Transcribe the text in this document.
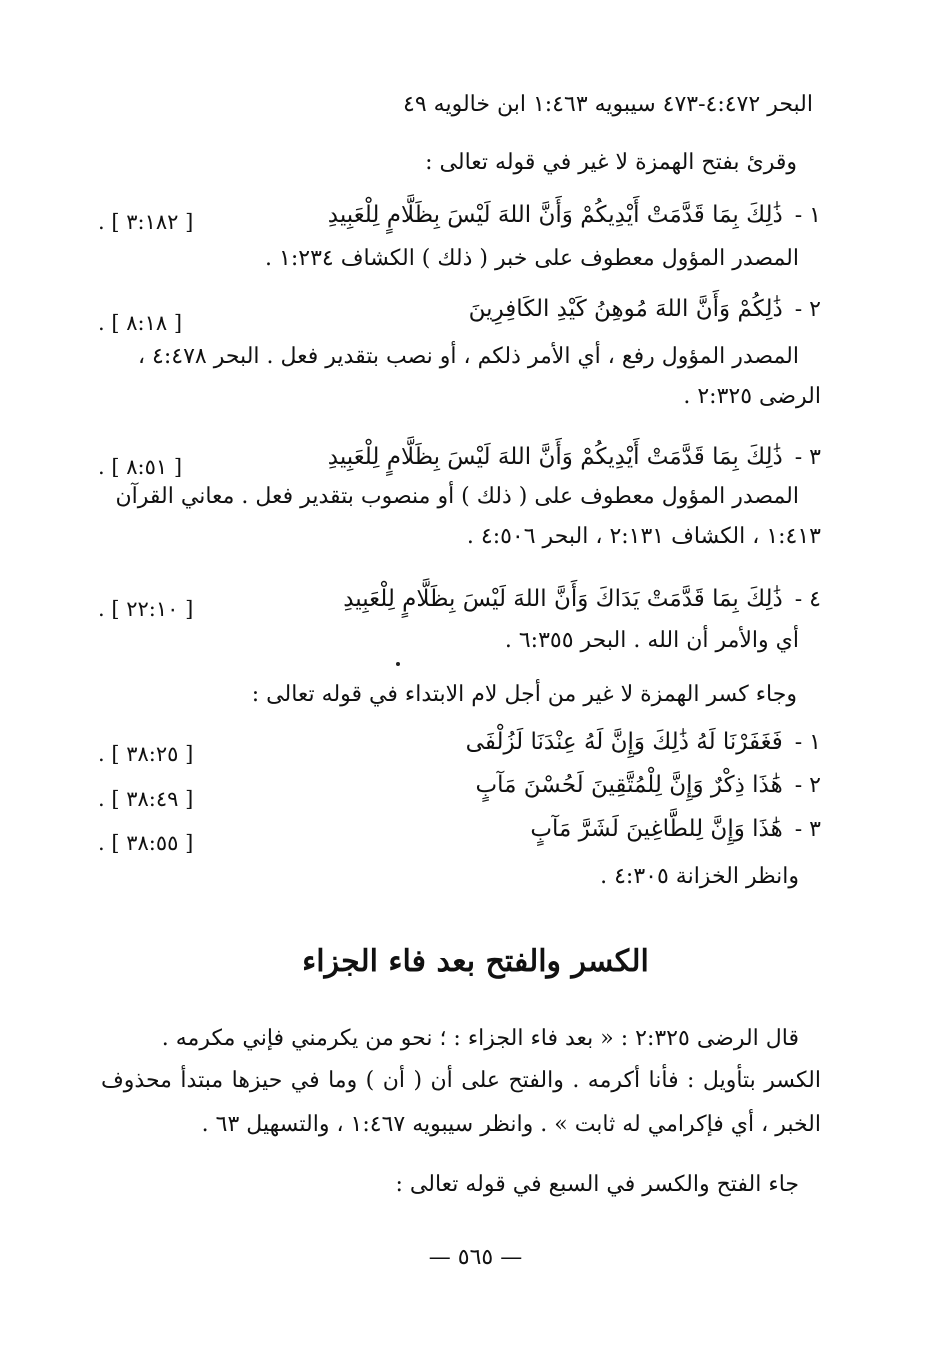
البحر ٤:٤٧٢-٤٧٣ سيبويه ١:٤٦٣ ابن خالويه ٤٩
وقرئ بفتح الهمزة لا غير في قوله تعالى :
١ -ذَٰلِكَ بِمَا قَدَّمَتْ أَيْدِيكُمْ وَأَنَّ اللهَ لَيْسَ بِظَلَّامٍ لِلْعَبِيدِ
[ ٣:١٨٢ ] .
المصدر المؤول معطوف على خبر ( ذلك ) الكشاف ١:٢٣٤ .
٢ -ذَٰلِكُمْ وَأَنَّ اللهَ مُوهِنُ كَيْدِ الكَافِرِينَ
[ ٨:١٨ ] .
المصدر المؤول رفع ، أي الأمر ذلكم ، أو نصب بتقدير فعل . البحر ٤:٤٧٨ ،
الرضى ٢:٣٢٥ .
٣ -ذَٰلِكَ بِمَا قَدَّمَتْ أَيْدِيكُمْ وَأَنَّ اللهَ لَيْسَ بِظَلَّامٍ لِلْعَبِيدِ
[ ٨:٥١ ] .
المصدر المؤول معطوف على ( ذلك ) أو منصوب بتقدير فعل . معاني القرآن
١:٤١٣ ، الكشاف ٢:١٣١ ، البحر ٤:٥٠٦ .
٤ -ذَٰلِكَ بِمَا قَدَّمَتْ يَدَاكَ وَأَنَّ اللهَ لَيْسَ بِظَلَّامٍ لِلْعَبِيدِ
[ ٢٢:١٠ ] .
أي والأمر أن الله . البحر ٦:٣٥٥ .
وجاء كسر الهمزة لا غير من أجل لام الابتداء في قوله تعالى :
١ -فَغَفَرْنَا لَهُ ذَٰلِكَ وَإِنَّ لَهُ عِنْدَنَا لَزُلْفَى
[ ٣٨:٢٥ ] .
٢ -هَٰذَا ذِكْرٌ وَإِنَّ لِلْمُتَّقِينَ لَحُسْنَ مَآبٍ
[ ٣٨:٤٩ ] .
٣ -هَٰذَا وَإِنَّ لِلطَّاغِينَ لَشَرَّ مَآبٍ
[ ٣٨:٥٥ ] .
وانظر الخزانة ٤:٣٠٥ .
الكسر والفتح بعد فاء الجزاء
قال الرضى ٢:٣٢٥ : « بعد فاء الجزاء : ؛ نحو من يكرمني فإني مكرمه .
الكسر بتأويل : فأنا أكرمه . والفتح على أن ( أن ) وما في حيزها مبتدأ محذوف
الخبر ، أي فإكرامي له ثابت » . وانظر سيبويه ١:٤٦٧ ، والتسهيل ٦٣ .
جاء الفتح والكسر في السبع في قوله تعالى :
— ٥٦٥ —
